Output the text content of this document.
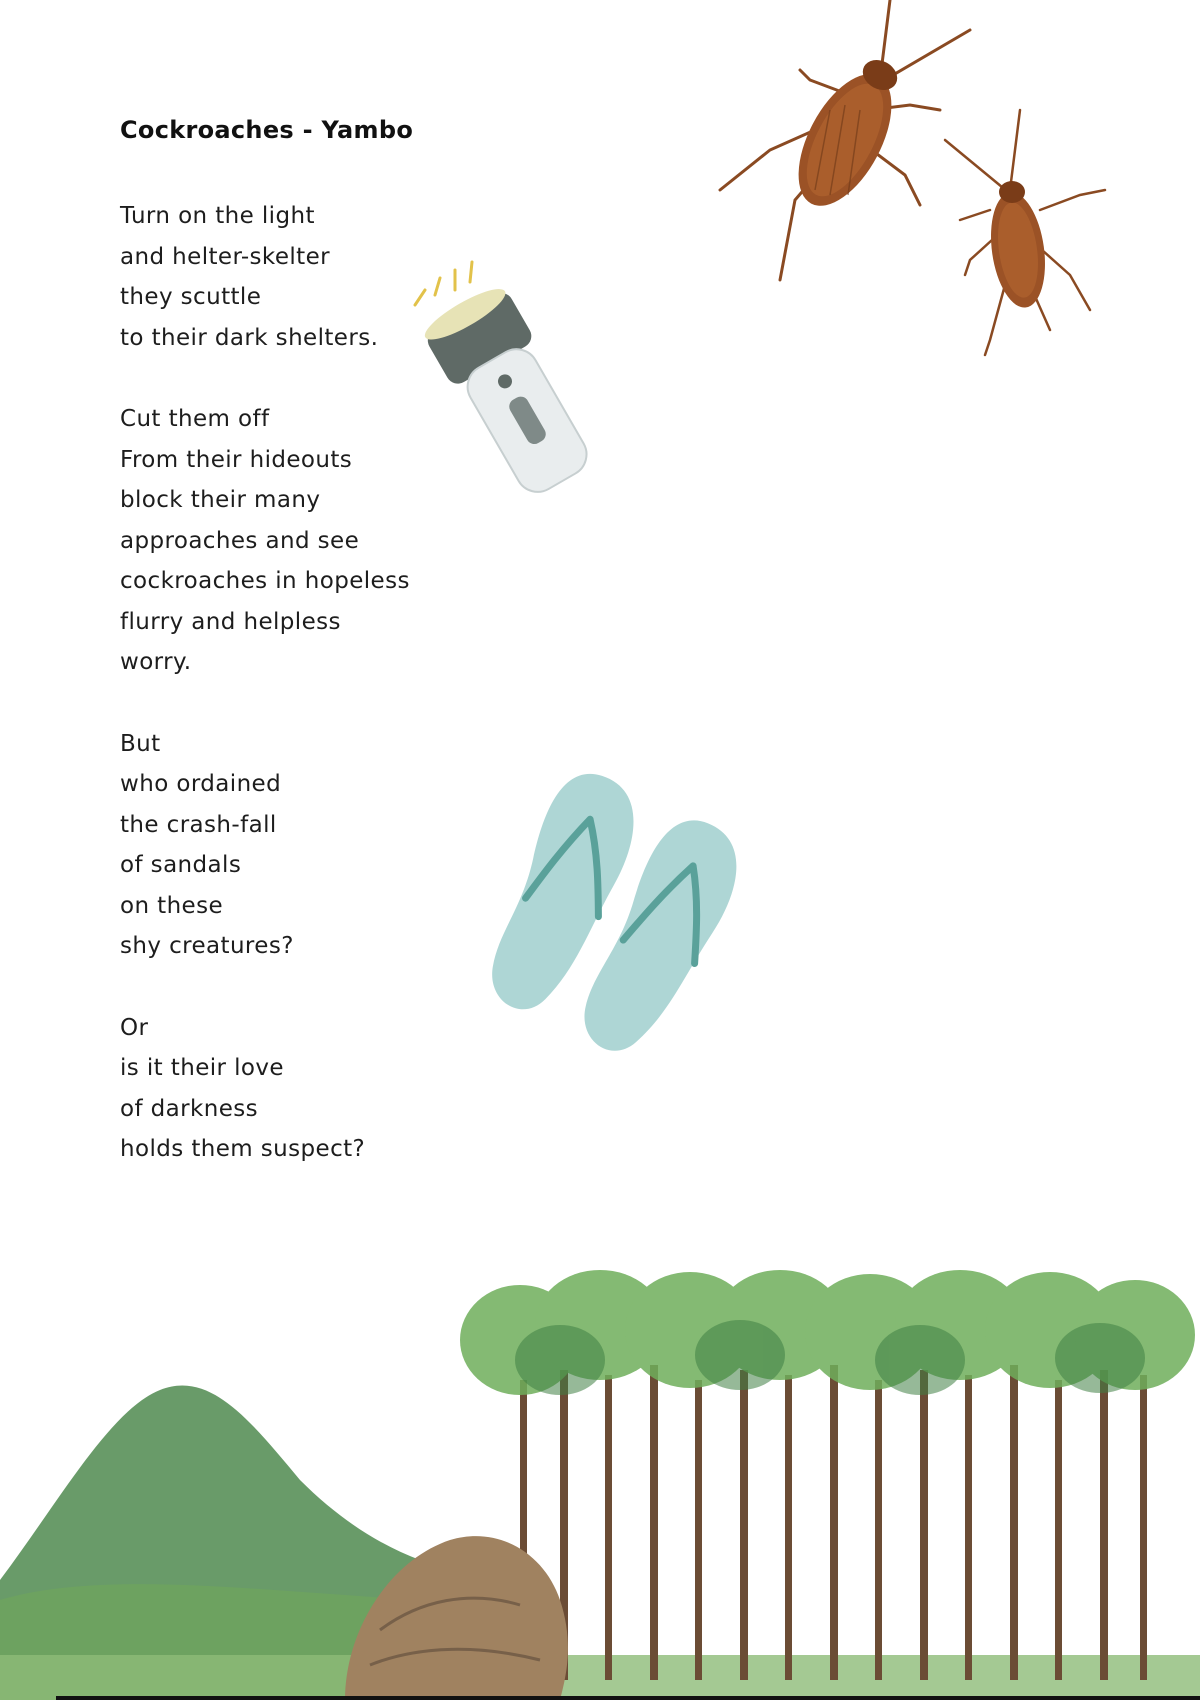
Cockroaches - Yambo
Turn on the light
and helter-skelter
they scuttle
to their dark shelters.
Cut them off
From their hideouts
block their many
approaches and see
cockroaches in hopeless
flurry and helpless
worry.
But
who ordained
the crash-fall
of sandals
on these
shy creatures?
Or
is it their love
of darkness
holds them suspect?
